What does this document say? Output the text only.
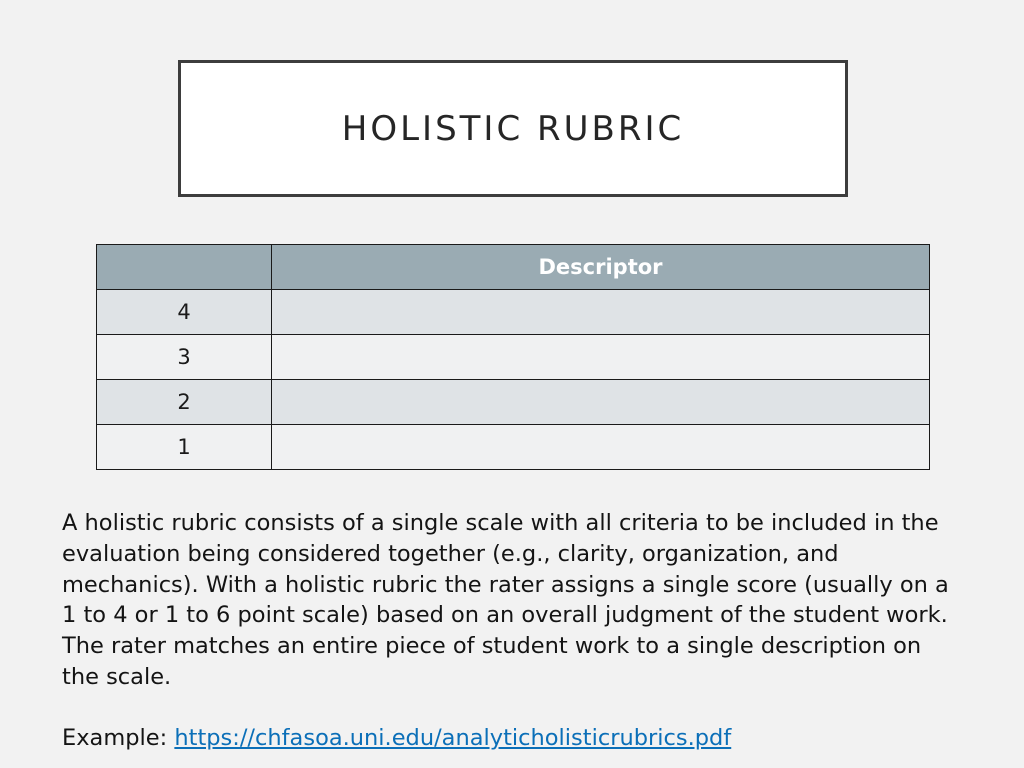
HOLISTIC RUBRIC
	Descriptor
4	
3	
2	
1	

A holistic rubric consists of a single scale with all criteria to be included in the evaluation being considered together (e.g., clarity, organization, and mechanics). With a holistic rubric the rater assigns a single score (usually on a 1 to 4 or 1 to 6 point scale) based on an overall judgment of the student work. The rater matches an entire piece of student work to a single description on the scale.

Example: https://chfasoa.uni.edu/analyticholisticrubrics.pdf
